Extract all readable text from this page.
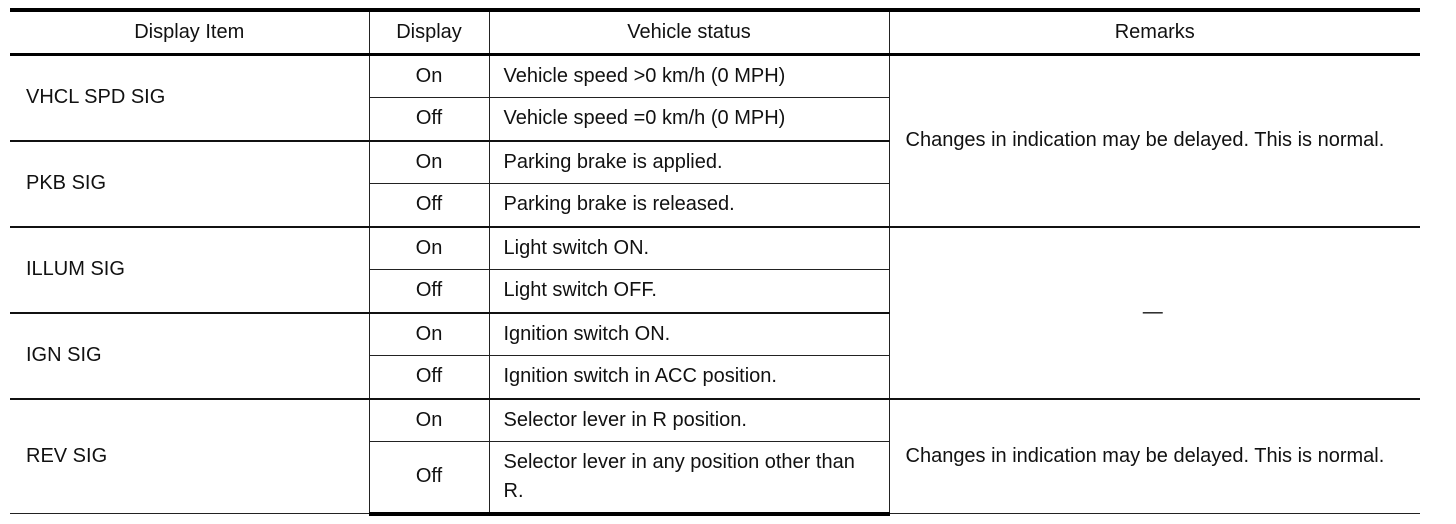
Display Item	Display	Vehicle status	Remarks
VHCL SPD SIG	On	Vehicle speed >0 km/h (0 MPH)	Changes in indication may be delayed. This is normal.
	Off	Vehicle speed =0 km/h (0 MPH)	
PKB SIG	On	Parking brake is applied.	
	Off	Parking brake is released.	
ILLUM SIG	On	Light switch ON.	—
	Off	Light switch OFF.	
IGN SIG	On	Ignition switch ON.	
	Off	Ignition switch in ACC position.	
REV SIG	On	Selector lever in R position.	Changes in indication may be delayed. This is normal.
	Off	Selector lever in any position other than R.	
